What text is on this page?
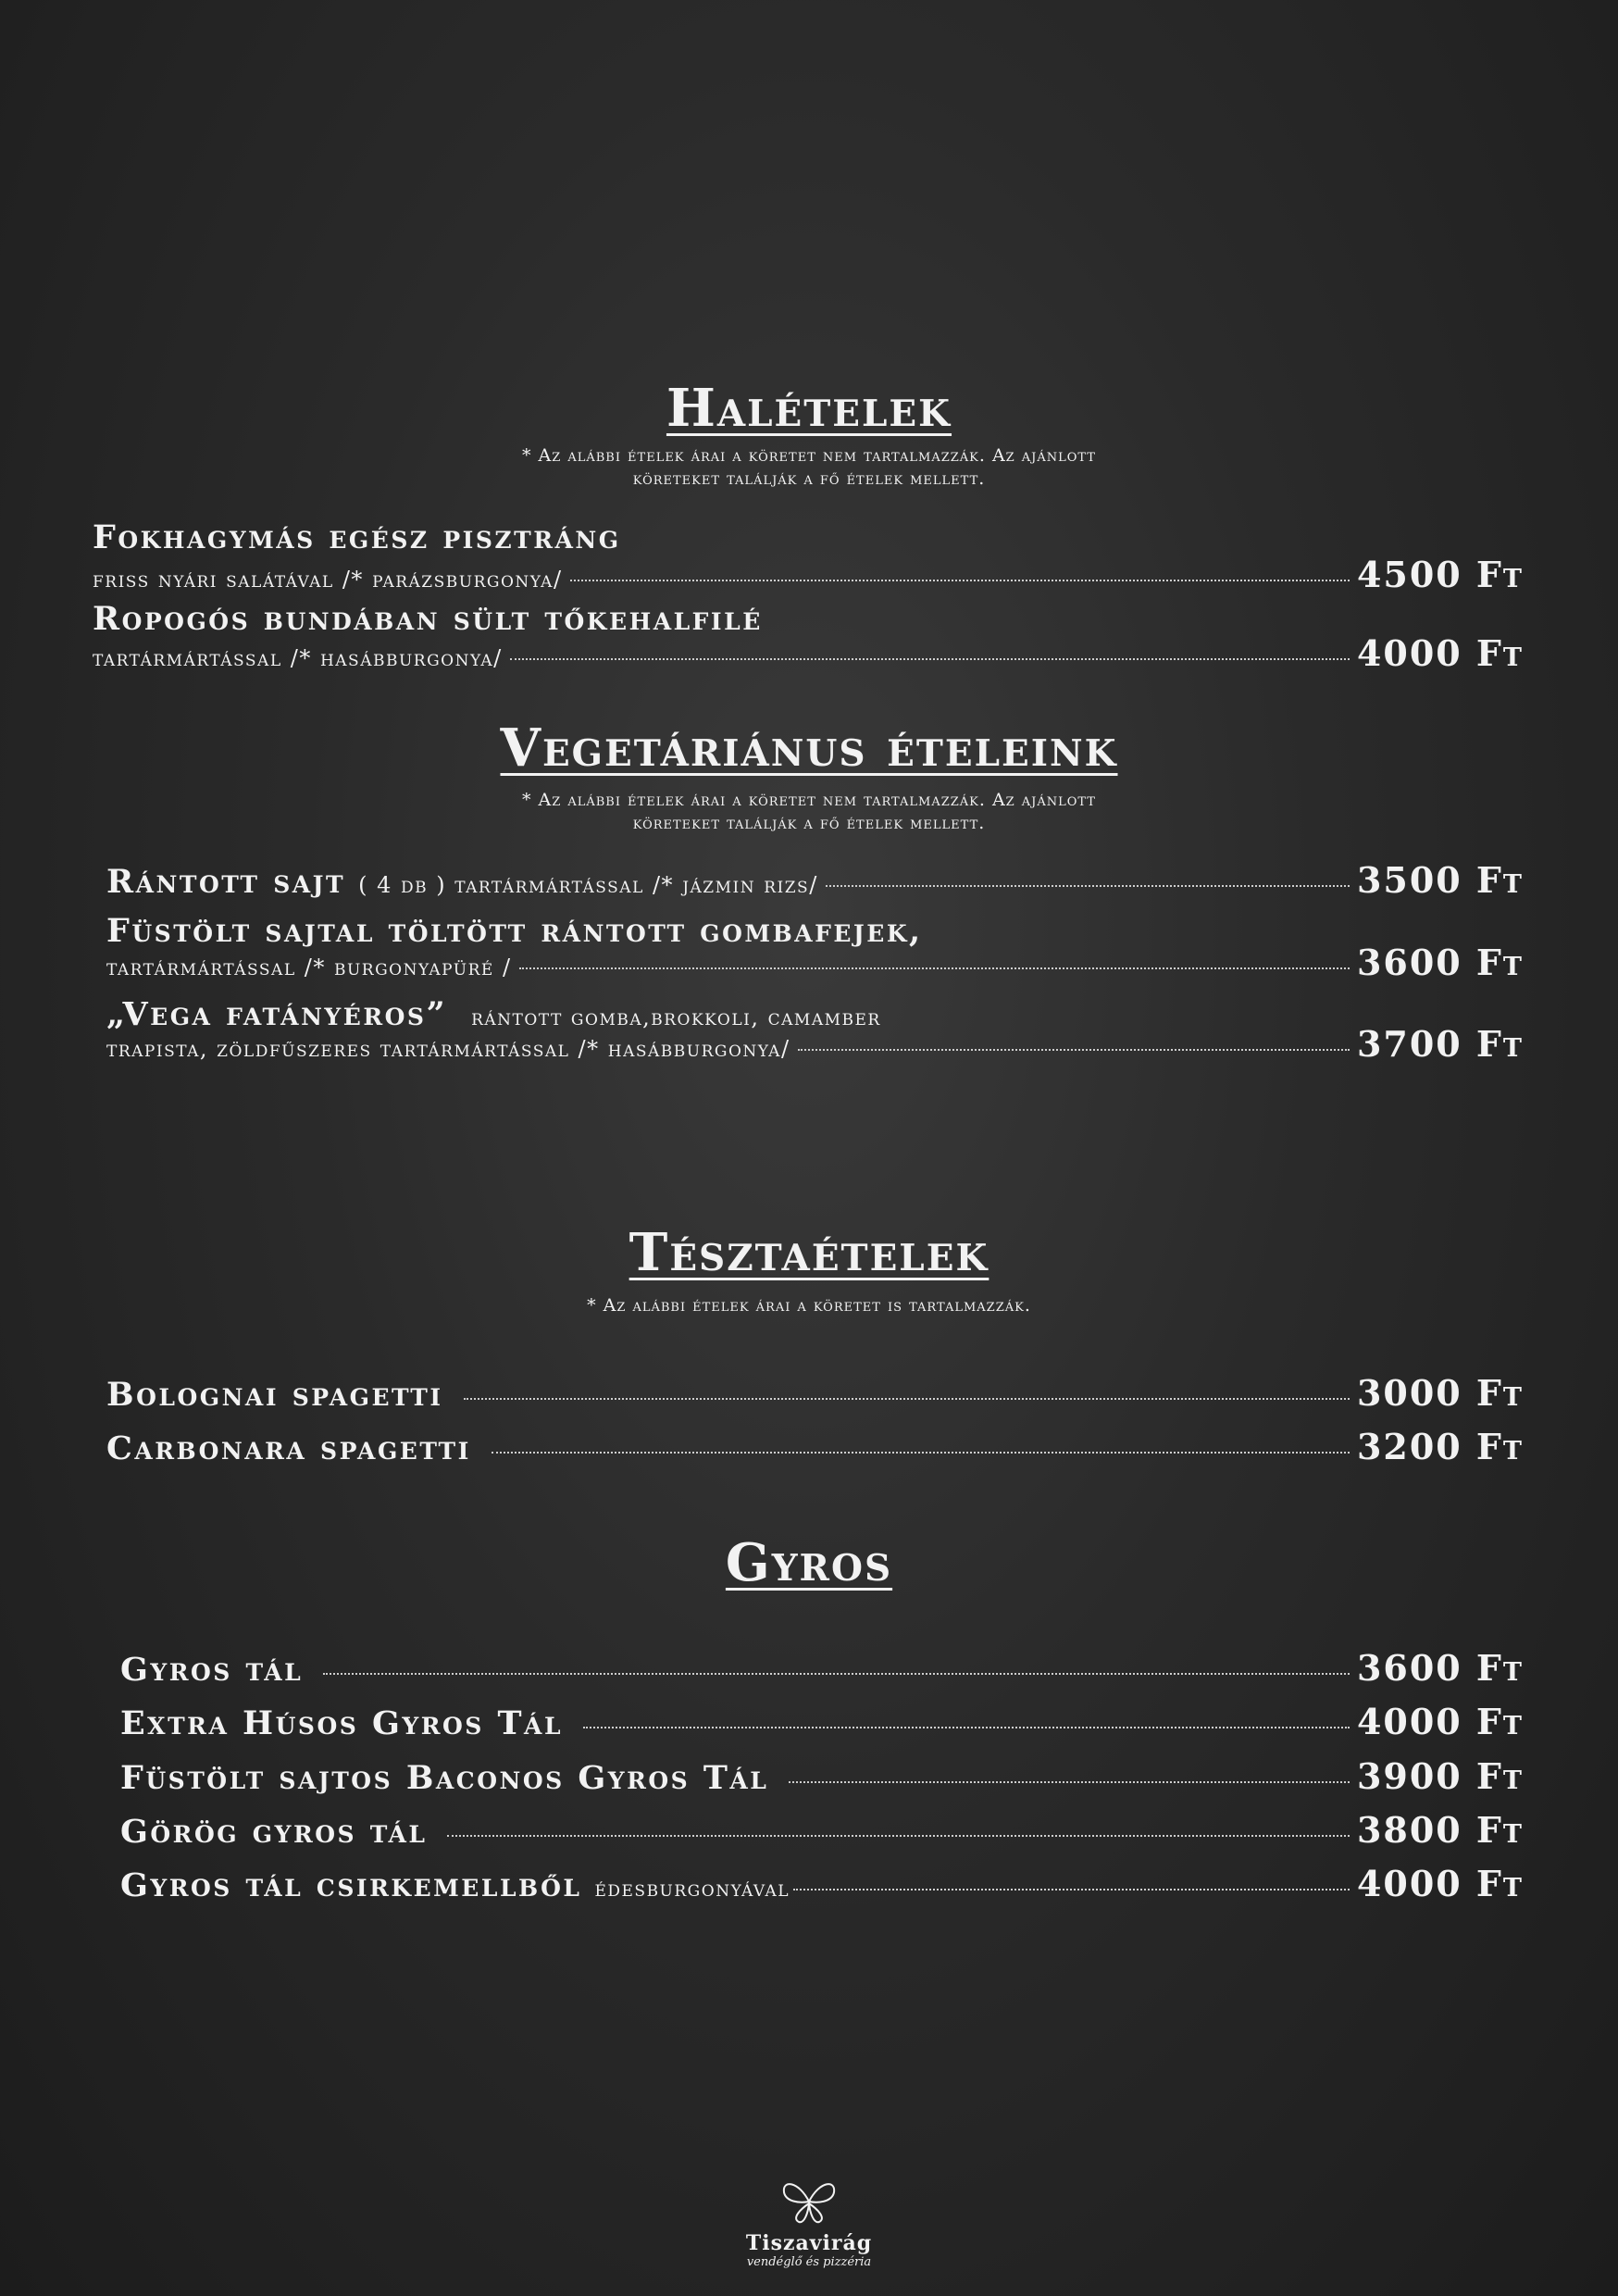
Halételek

* Az alábbi ételek árai a köretet nem tartalmazzák. Az ajánlott

köreteket találják a fő ételek mellett.

Fokhagymás egész pisztráng
friss nyári salátával /* parázsburgonya/	4500 Ft
Ropogós bundában sült tőkehalfilé
tartármártással /* hasábburgonya/	4000 Ft
Vegetáriánus ételeink

* Az alábbi ételek árai a köretet nem tartalmazzák. Az ajánlott

köreteket találják a fő ételek mellett.

Rántott sajt ( 4 db ) tartármártással /* jázmin rizs/	3500 Ft
Füstölt sajtal töltött rántott gombafejek,
tartármártással /* burgonyapüré /	3600 Ft
„Vega fatányéros” rántott gomba,brokkoli, camamber
trapista, zöldfűszeres tartármártással /* hasábburgonya/	3700 Ft
Tésztaételek

* Az alábbi ételek árai a köretet is tartalmazzák.

Bolognai spagetti	3000 Ft
Carbonara spagetti	3200 Ft
Gyros
Gyros tál	3600 Ft
Extra Húsos Gyros Tál	4000 Ft
Füstölt sajtos Baconos Gyros Tál	3900 Ft
Görög gyros tál	3800 Ft
Gyros tál csirkemellből édesburgonyával	4000 Ft
Tiszavirág
vendéglő és pizzéria
